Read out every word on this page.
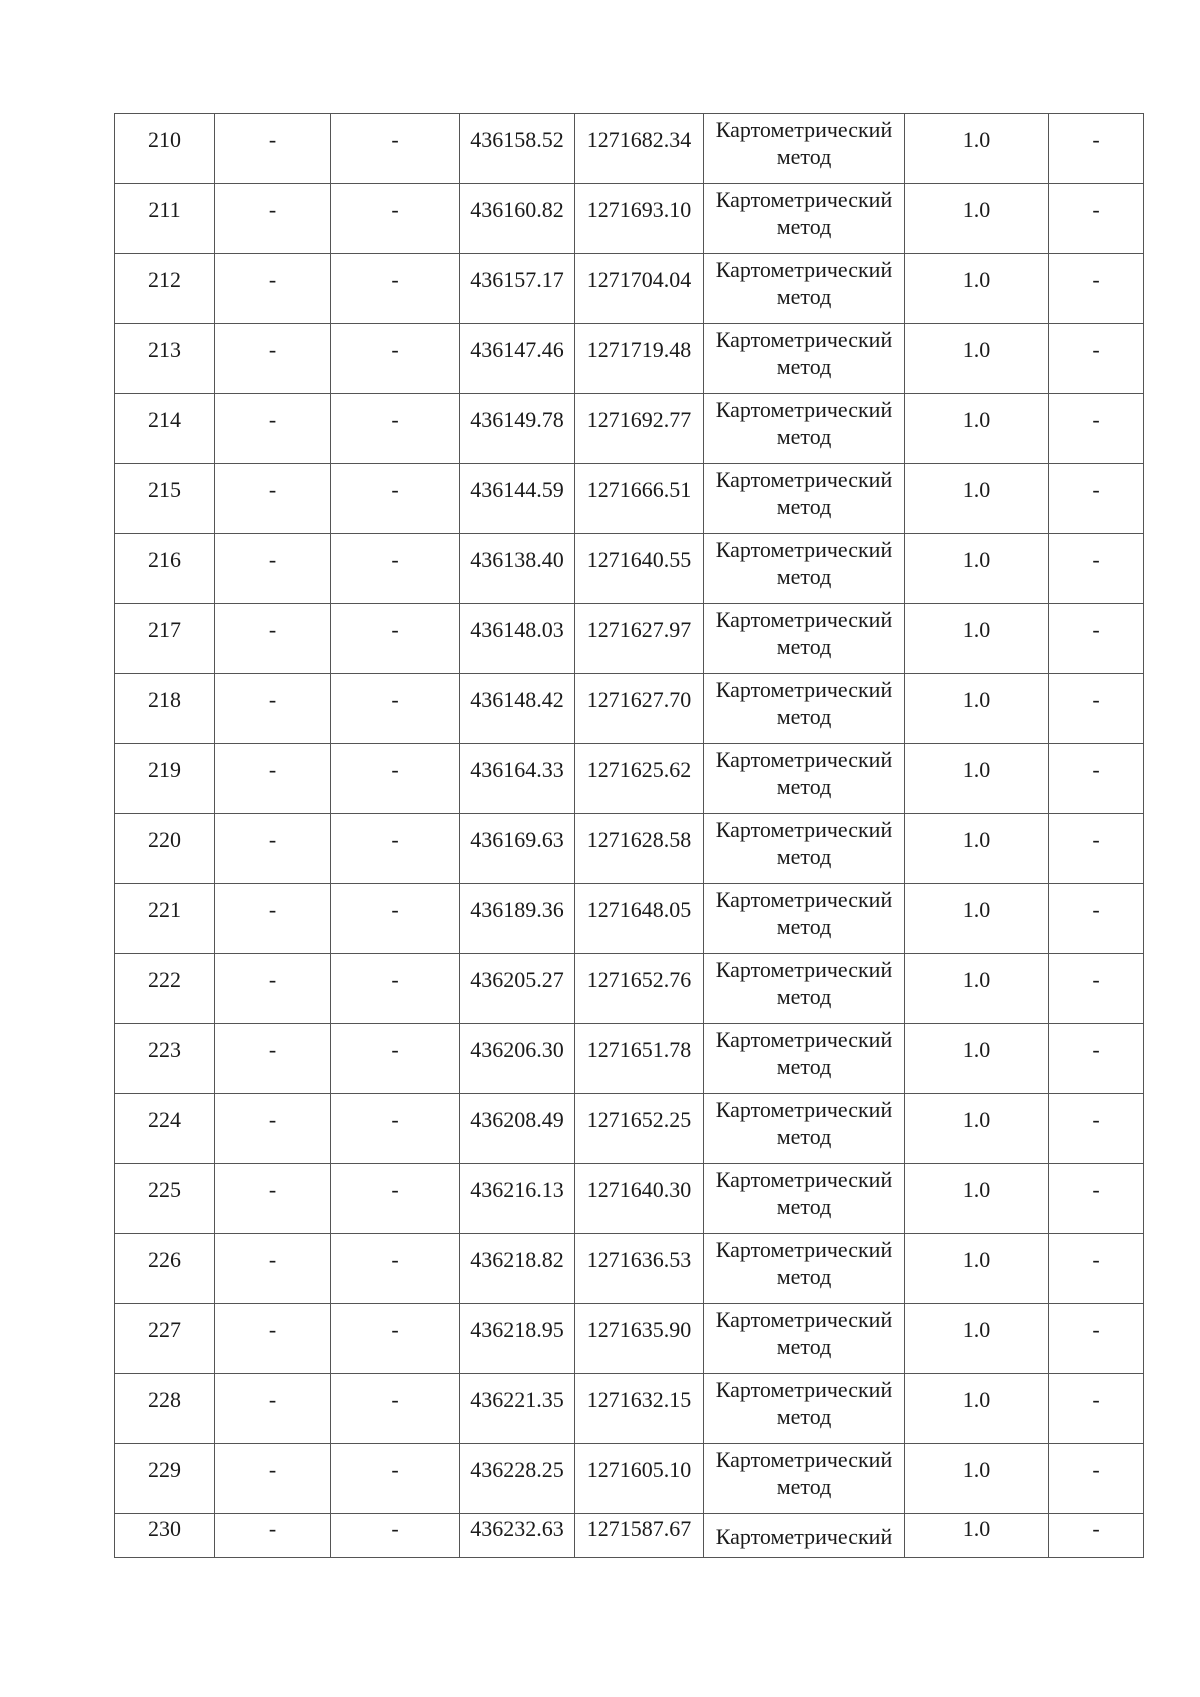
210	-	-	436158.52	1271682.34	Картометрический метод	1.0	-
211	-	-	436160.82	1271693.10	Картометрический метод	1.0	-
212	-	-	436157.17	1271704.04	Картометрический метод	1.0	-
213	-	-	436147.46	1271719.48	Картометрический метод	1.0	-
214	-	-	436149.78	1271692.77	Картометрический метод	1.0	-
215	-	-	436144.59	1271666.51	Картометрический метод	1.0	-
216	-	-	436138.40	1271640.55	Картометрический метод	1.0	-
217	-	-	436148.03	1271627.97	Картометрический метод	1.0	-
218	-	-	436148.42	1271627.70	Картометрический метод	1.0	-
219	-	-	436164.33	1271625.62	Картометрический метод	1.0	-
220	-	-	436169.63	1271628.58	Картометрический метод	1.0	-
221	-	-	436189.36	1271648.05	Картометрический метод	1.0	-
222	-	-	436205.27	1271652.76	Картометрический метод	1.0	-
223	-	-	436206.30	1271651.78	Картометрический метод	1.0	-
224	-	-	436208.49	1271652.25	Картометрический метод	1.0	-
225	-	-	436216.13	1271640.30	Картометрический метод	1.0	-
226	-	-	436218.82	1271636.53	Картометрический метод	1.0	-
227	-	-	436218.95	1271635.90	Картометрический метод	1.0	-
228	-	-	436221.35	1271632.15	Картометрический метод	1.0	-
229	-	-	436228.25	1271605.10	Картометрический метод	1.0	-
230	-	-	436232.63	1271587.67	Картометрический	1.0	-
